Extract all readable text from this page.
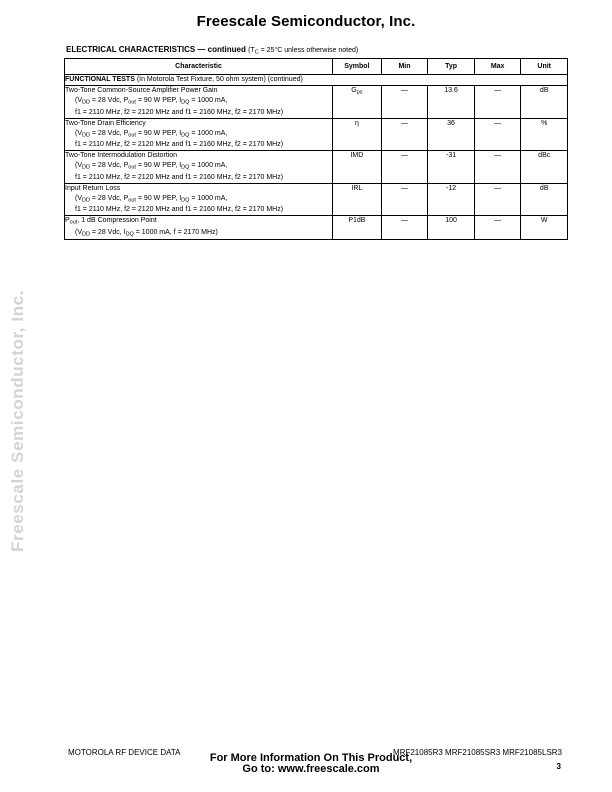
Freescale Semiconductor, Inc.
Freescale Semiconductor, Inc.
ELECTRICAL CHARACTERISTICS — continued ($T_C = 25^\circ C$ unless otherwise noted)
Characteristic	Symbol	Min	Typ	Max	Unit
FUNCTIONAL TESTS (In Motorola Test Fixture, 50 ohm system) (continued)					

Two-Tone Common-Source Amplifier Power Gain
($V_{DD} = 28$ Vdc, $P_{out} = 90$ W PEP, $I_{DQ} = 1000$ mA,
f1 = 2110 MHz, f2 = 2120 MHz and f1 = 2160 MHz, f2 = 2170 MHz)	$G_{ps}$	—	13.6	—	dB

Two-Tone Drain Efficiency
($V_{DD} = 28$ Vdc, $P_{out} = 90$ W PEP, $I_{DQ} = 1000$ mA,
f1 = 2110 MHz, f2 = 2120 MHz and f1 = 2160 MHz, f2 = 2170 MHz)	η	—	36	—	%

Two-Tone Intermodulation Distortion
($V_{DD} = 28$ Vdc, $P_{out} = 90$ W PEP, $I_{DQ} = 1000$ mA,
f1 = 2110 MHz, f2 = 2120 MHz and f1 = 2160 MHz, f2 = 2170 MHz)	IMD	—	-31	—	dBc

Input Return Loss
($V_{DD} = 28$ Vdc, $P_{out} = 90$ W PEP, $I_{DQ} = 1000$ mA,
f1 = 2110 MHz, f2 = 2120 MHz and f1 = 2160 MHz, f2 = 2170 MHz)	IRL	—	-12	—	dB

$P_{out}$, 1 dB Compression Point
($V_{DD} = 28$ Vdc, $I_{DQ} = 1000$ mA, f = 2170 MHz)	P1dB	—	100	—	W
MOTOROLA RF DEVICE DATA	MRF21085R3 MRF21085SR3 MRF21085LSR3
For More Information On This Product,
Go to: www.freescale.com	3
